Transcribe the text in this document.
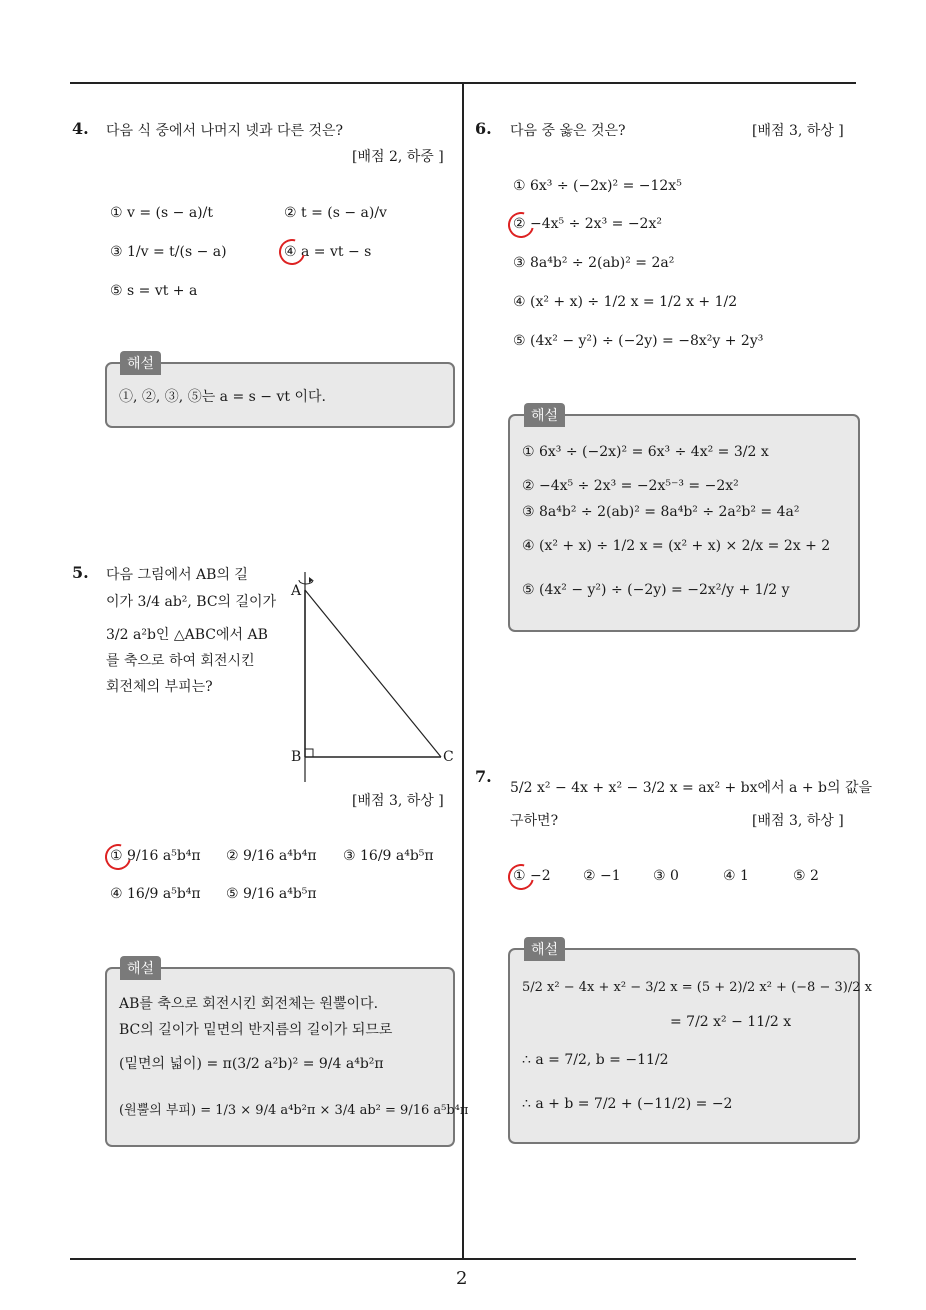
2
4. 다음 식 중에서 나머지 넷과 다른 것은?
[배점 2, 하중 ]
① v = (s − a)/t	② t = (s − a)/v
③ 1/v = t/(s − a)	④ a = vt − s
⑤ s = vt + a
①, ②, ③, ⑤는 a = s − vt 이다.
해설
5. 다음 그림에서 AB의 길
이가 3/4 ab², BC의 길이가
3/2 a²b인 △ABC에서 AB
를 축으로 하여 회전시킨
회전체의 부피는?
A
B	C
[배점 3, 하상 ]
① 9/16 a⁵b⁴π ② 9/16 a⁴b⁴π ③ 16/9 a⁴b⁵π
④ 16/9 a⁵b⁴π ⑤ 9/16 a⁴b⁵π
AB를 축으로 회전시킨 회전체는 원뿔이다.
BC의 길이가 밑면의 반지름의 길이가 되므로
(밑면의 넓이) = π(3/2 a²b)² = 9/4 a⁴b²π
(원뿔의 부피) = 1/3 × 9/4 a⁴b²π × 3/4 ab² = 9/16 a⁵b⁴π
해설
6. 다음 중 옳은 것은?	[배점 3, 하상 ]
① 6x³ ÷ (−2x)² = −12x⁵
② −4x⁵ ÷ 2x³ = −2x²
③ 8a⁴b² ÷ 2(ab)² = 2a²
④ (x² + x) ÷ 1/2 x = 1/2 x + 1/2
⑤ (4x² − y²) ÷ (−2y) = −8x²y + 2y³
① 6x³ ÷ (−2x)² = 6x³ ÷ 4x² = 3/2 x
② −4x⁵ ÷ 2x³ = −2x⁵⁻³ = −2x²
③ 8a⁴b² ÷ 2(ab)² = 8a⁴b² ÷ 2a²b² = 4a²
④ (x² + x) ÷ 1/2 x = (x² + x) × 2/x = 2x + 2
⑤ (4x² − y²) ÷ (−2y) = −2x²/y + 1/2 y
해설
7.
5/2 x² − 4x + x² − 3/2 x = ax² + bx에서 a + b의 값을
구하면?	[배점 3, 하상 ]
① −2 ② −1 ③ 0	④ 1	⑤ 2
5/2 x² − 4x + x² − 3/2 x = (5 + 2)/2 x² + (−8 − 3)/2 x
= 7/2 x² − 11/2 x
∴ a = 7/2, b = −11/2
∴ a + b = 7/2 + (−11/2) = −2
해설
